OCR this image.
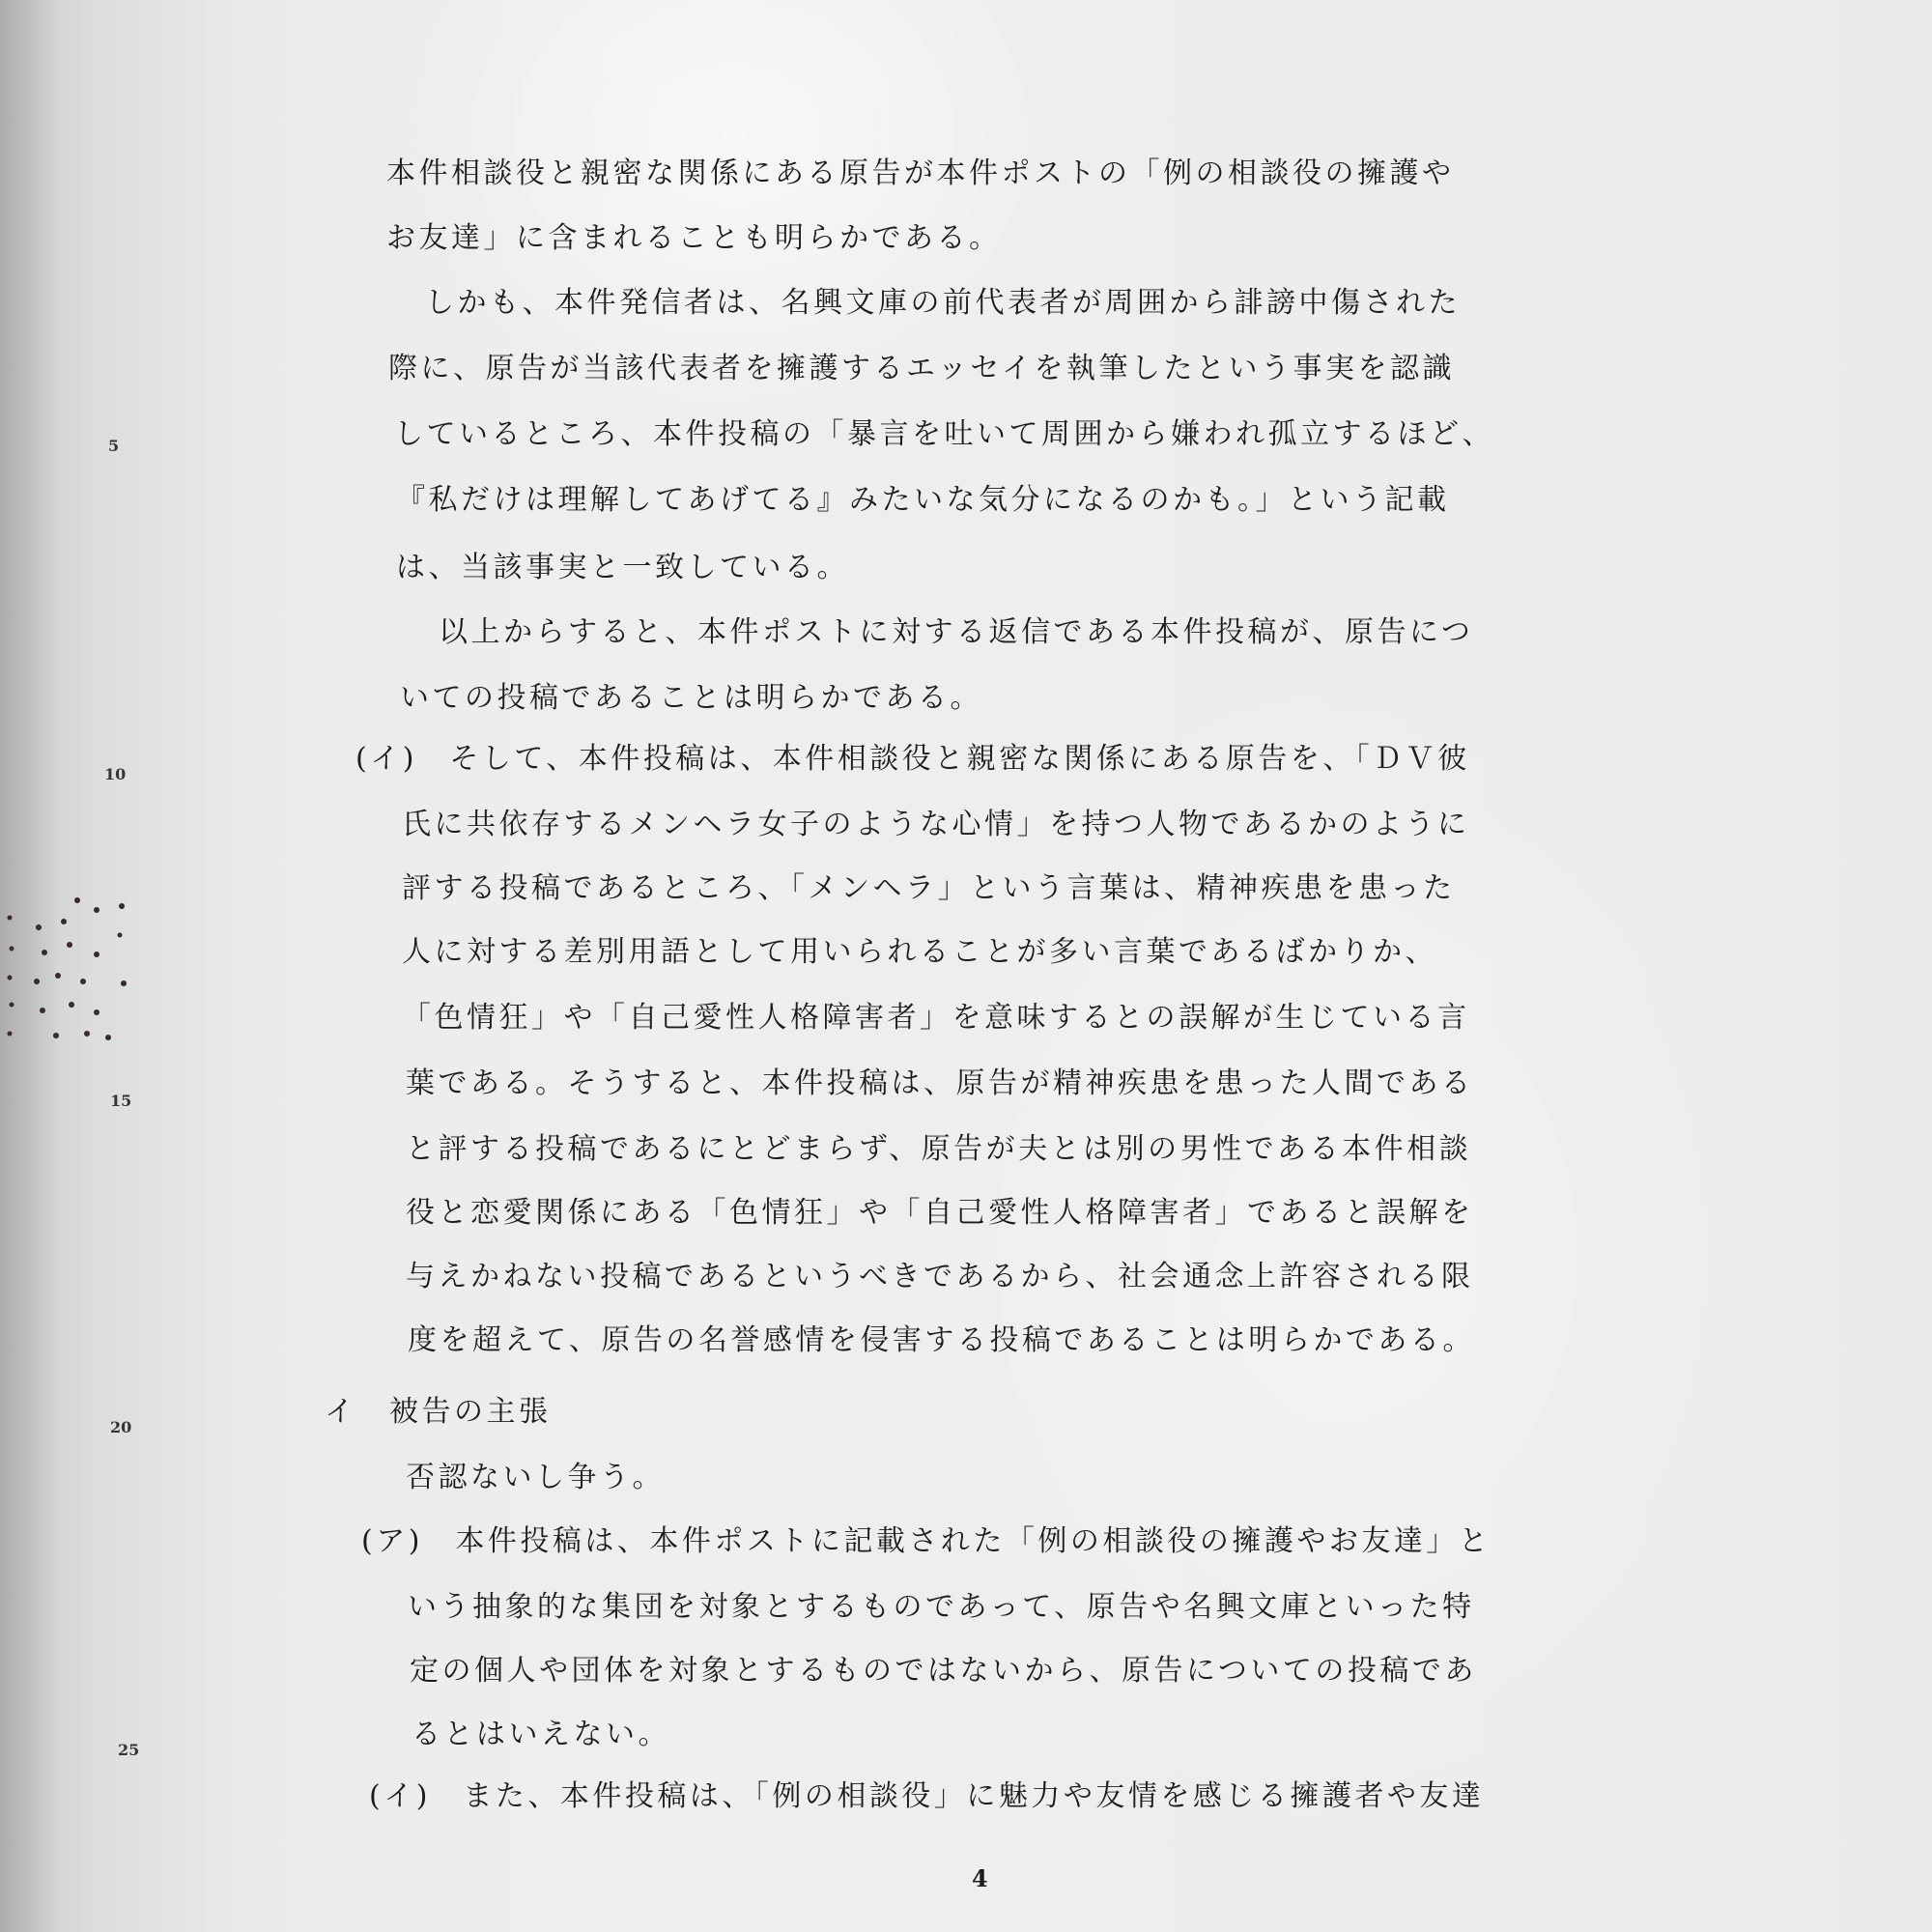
5
10
15
20
25
本件相談役と親密な関係にある原告が本件ポストの「例の相談役の擁護や
お友達」に含まれることも明らかである。
しかも、本件発信者は、名興文庫の前代表者が周囲から誹謗中傷された
際に、原告が当該代表者を擁護するエッセイを執筆したという事実を認識
しているところ、本件投稿の「暴言を吐いて周囲から嫌われ孤立するほど、
『私だけは理解してあげてる』みたいな気分になるのかも。」という記載
は、当該事実と一致している。
以上からすると、本件ポストに対する返信である本件投稿が、原告につ
いての投稿であることは明らかである。
(イ)　そして、本件投稿は、本件相談役と親密な関係にある原告を、「ＤＶ彼
氏に共依存するメンヘラ女子のような心情」を持つ人物であるかのように
評する投稿であるところ、「メンヘラ」という言葉は、精神疾患を患った
人に対する差別用語として用いられることが多い言葉であるばかりか、
「色情狂」や「自己愛性人格障害者」を意味するとの誤解が生じている言
葉である。そうすると、本件投稿は、原告が精神疾患を患った人間である
と評する投稿であるにとどまらず、原告が夫とは別の男性である本件相談
役と恋愛関係にある「色情狂」や「自己愛性人格障害者」であると誤解を
与えかねない投稿であるというべきであるから、社会通念上許容される限
度を超えて、原告の名誉感情を侵害する投稿であることは明らかである。
イ　被告の主張
否認ないし争う。
(ア)　本件投稿は、本件ポストに記載された「例の相談役の擁護やお友達」と
いう抽象的な集団を対象とするものであって、原告や名興文庫といった特
定の個人や団体を対象とするものではないから、原告についての投稿であ
るとはいえない。
(イ)　また、本件投稿は、「例の相談役」に魅力や友情を感じる擁護者や友達
4
